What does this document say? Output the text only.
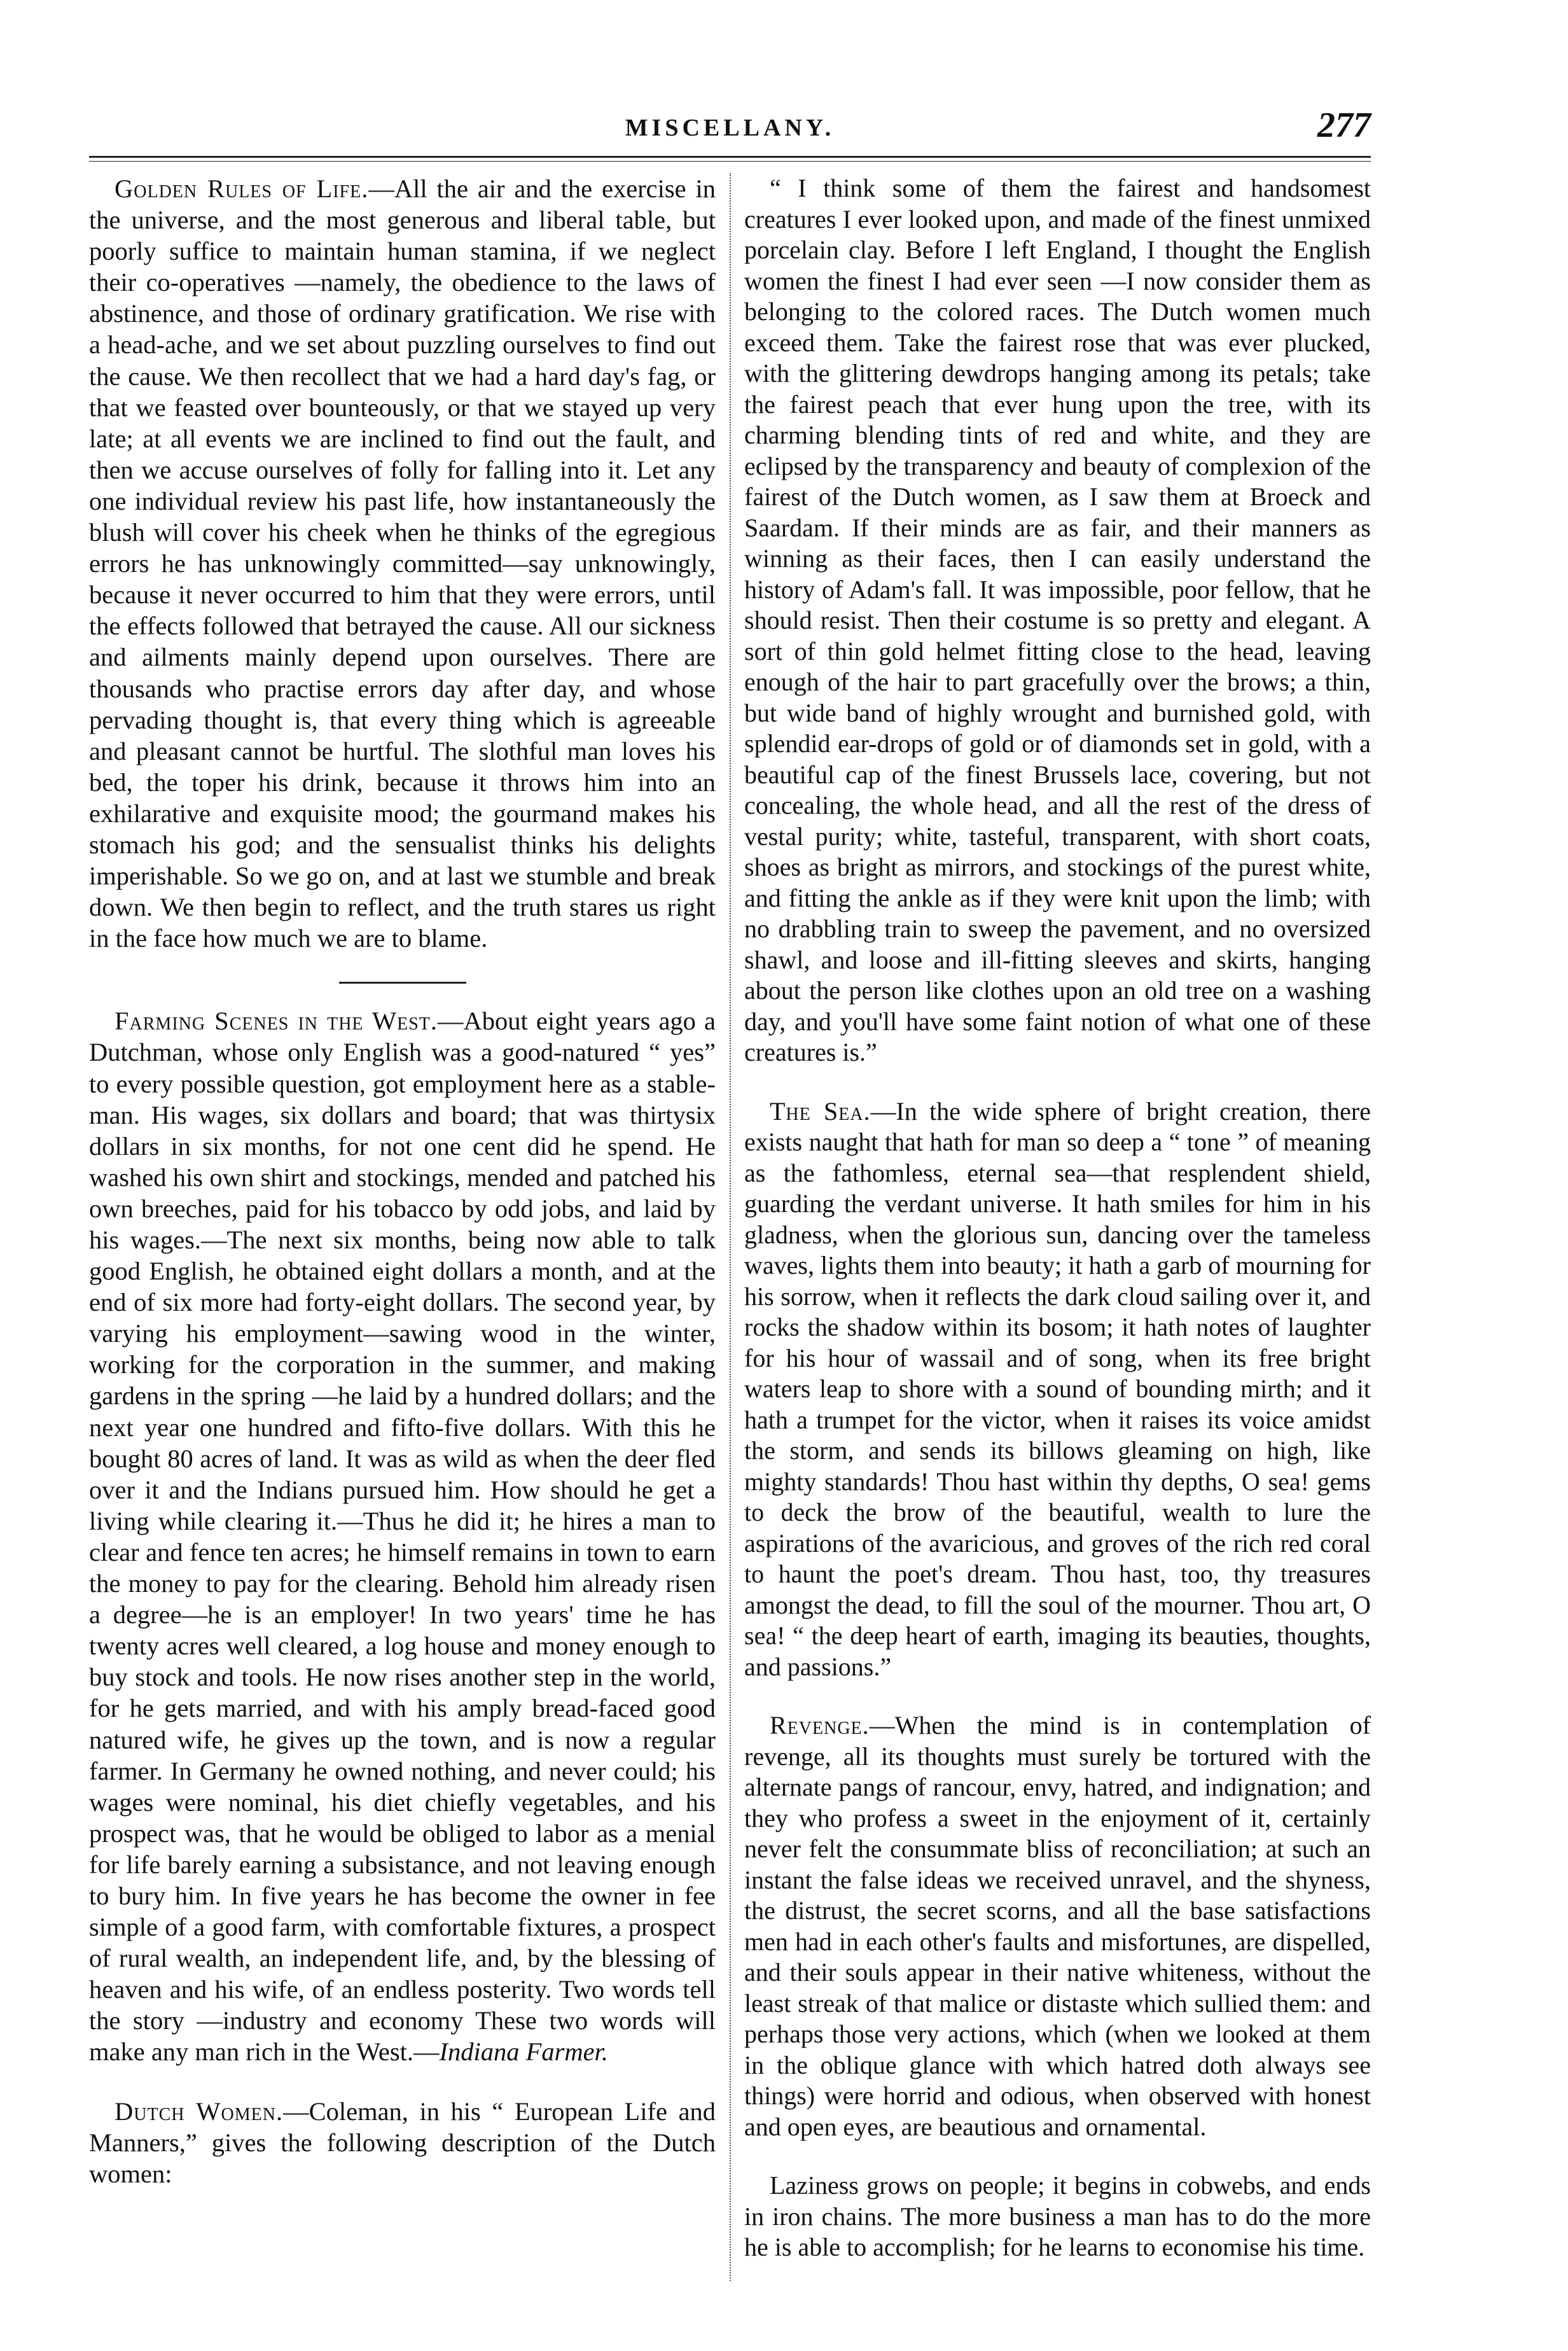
MISCELLANY.	277

Golden Rules of Life.—All the air and the exercise in the universe, and the most generous and liberal table, but poorly suffice to maintain human stamina, if we neglect their co-operatives —namely, the obedience to the laws of abstinence, and those of ordinary gratification. We rise with a head-ache, and we set about puzzling ourselves to find out the cause. We then recollect that we had a hard day's fag, or that we feasted over bounteously, or that we stayed up very late; at all events we are inclined to find out the fault, and then we accuse ourselves of folly for falling into it. Let any one individual review his past life, how instantaneously the blush will cover his cheek when he thinks of the egregious errors he has unknowingly committed—say unknowingly, because it never occurred to him that they were errors, until the effects followed that betrayed the cause. All our sickness and ailments mainly depend upon ourselves. There are thousands who practise errors day after day, and whose pervading thought is, that every thing which is agreeable and pleasant cannot be hurtful. The slothful man loves his bed, the toper his drink, because it throws him into an exhilarative and exquisite mood; the gourmand makes his stomach his god; and the sensualist thinks his delights imperishable. So we go on, and at last we stumble and break down. We then begin to reflect, and the truth stares us right in the face how much we are to blame.

Farming Scenes in the West.—About eight years ago a Dutchman, whose only English was a good-natured “ yes” to every possible question, got employment here as a stable-man. His wages, six dollars and board; that was thirtysix dollars in six months, for not one cent did he spend. He washed his own shirt and stockings, mended and patched his own breeches, paid for his tobacco by odd jobs, and laid by his wages.—The next six months, being now able to talk good English, he obtained eight dollars a month, and at the end of six more had forty-eight dollars. The second year, by varying his employment—sawing wood in the winter, working for the corporation in the summer, and making gardens in the spring —he laid by a hundred dollars; and the next year one hundred and fifto-five dollars. With this he bought 80 acres of land. It was as wild as when the deer fled over it and the Indians pursued him. How should he get a living while clearing it.—Thus he did it; he hires a man to clear and fence ten acres; he himself remains in town to earn the money to pay for the clearing. Behold him already risen a degree—he is an employer! In two years' time he has twenty acres well cleared, a log house and money enough to buy stock and tools. He now rises another step in the world, for he gets married, and with his amply bread-faced good natured wife, he gives up the town, and is now a regular farmer. In Germany he owned nothing, and never could; his wages were nominal, his diet chiefly vegetables, and his prospect was, that he would be obliged to labor as a menial for life barely earning a subsistance, and not leaving enough to bury him. In five years he has become the owner in fee simple of a good farm, with comfortable fixtures, a prospect of rural wealth, an independent life, and, by the blessing of heaven and his wife, of an endless posterity. Two words tell the story —industry and economy These two words will make any man rich in the West.—Indiana Farmer.

Dutch Women.—Coleman, in his “ European Life and Manners,” gives the following description of the Dutch women:

“ I think some of them the fairest and handsomest creatures I ever looked upon, and made of the finest unmixed porcelain clay. Before I left England, I thought the English women the finest I had ever seen —I now consider them as belonging to the colored races. The Dutch women much exceed them. Take the fairest rose that was ever plucked, with the glittering dewdrops hanging among its petals; take the fairest peach that ever hung upon the tree, with its charming blending tints of red and white, and they are eclipsed by the transparency and beauty of complexion of the fairest of the Dutch women, as I saw them at Broeck and Saardam. If their minds are as fair, and their manners as winning as their faces, then I can easily understand the history of Adam's fall. It was impossible, poor fellow, that he should resist. Then their costume is so pretty and elegant. A sort of thin gold helmet fitting close to the head, leaving enough of the hair to part gracefully over the brows; a thin, but wide band of highly wrought and burnished gold, with splendid ear-drops of gold or of diamonds set in gold, with a beautiful cap of the finest Brussels lace, covering, but not concealing, the whole head, and all the rest of the dress of vestal purity; white, tasteful, transparent, with short coats, shoes as bright as mirrors, and stockings of the purest white, and fitting the ankle as if they were knit upon the limb; with no drabbling train to sweep the pavement, and no oversized shawl, and loose and ill-fitting sleeves and skirts, hanging about the person like clothes upon an old tree on a washing day, and you'll have some faint notion of what one of these creatures is.”

The Sea.—In the wide sphere of bright creation, there exists naught that hath for man so deep a “ tone ” of meaning as the fathomless, eternal sea—that resplendent shield, guarding the verdant universe. It hath smiles for him in his gladness, when the glorious sun, dancing over the tameless waves, lights them into beauty; it hath a garb of mourning for his sorrow, when it reflects the dark cloud sailing over it, and rocks the shadow within its bosom; it hath notes of laughter for his hour of wassail and of song, when its free bright waters leap to shore with a sound of bounding mirth; and it hath a trumpet for the victor, when it raises its voice amidst the storm, and sends its billows gleaming on high, like mighty standards! Thou hast within thy depths, O sea! gems to deck the brow of the beautiful, wealth to lure the aspirations of the avaricious, and groves of the rich red coral to haunt the poet's dream. Thou hast, too, thy treasures amongst the dead, to fill the soul of the mourner. Thou art, O sea! “ the deep heart of earth, imaging its beauties, thoughts, and passions.”

Revenge.—When the mind is in contemplation of revenge, all its thoughts must surely be tortured with the alternate pangs of rancour, envy, hatred, and indignation; and they who profess a sweet in the enjoyment of it, certainly never felt the consummate bliss of reconciliation; at such an instant the false ideas we received unravel, and the shyness, the distrust, the secret scorns, and all the base satisfactions men had in each other's faults and misfortunes, are dispelled, and their souls appear in their native whiteness, without the least streak of that malice or distaste which sullied them: and perhaps those very actions, which (when we looked at them in the oblique glance with which hatred doth always see things) were horrid and odious, when observed with honest and open eyes, are beautious and ornamental.

Laziness grows on people; it begins in cobwebs, and ends in iron chains. The more business a man has to do the more he is able to accomplish; for he learns to economise his time.
